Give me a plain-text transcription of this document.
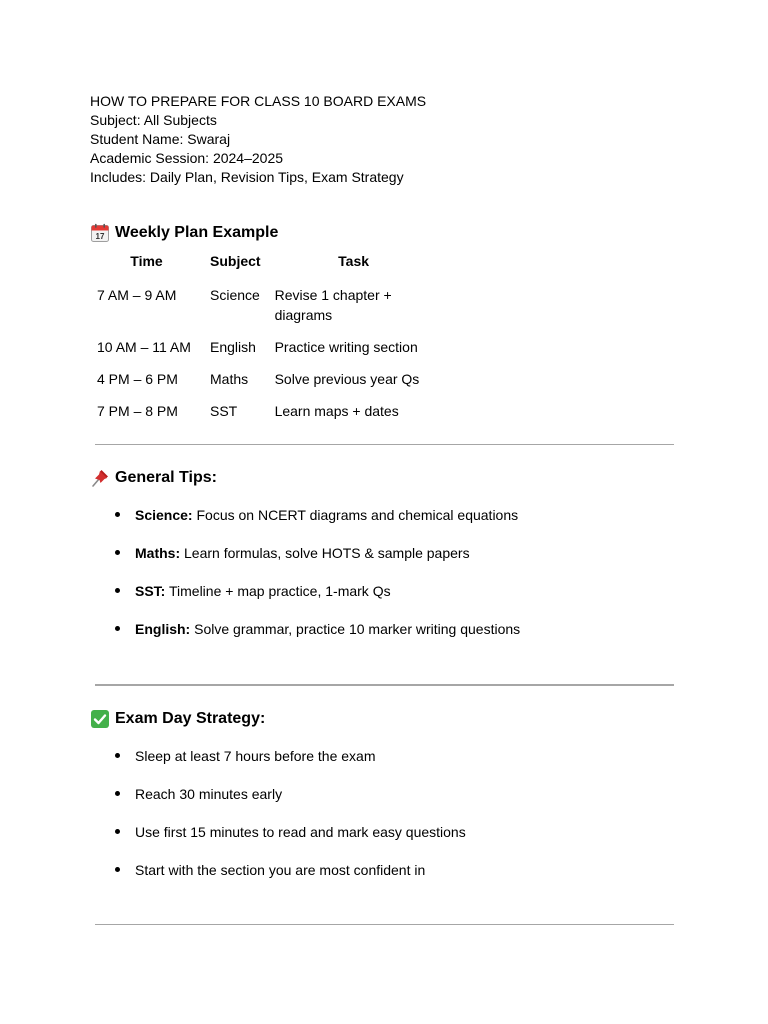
HOW TO PREPARE FOR CLASS 10 BOARD EXAMS
Subject: All Subjects
Student Name: Swaraj
Academic Session: 2024–2025
Includes: Daily Plan, Revision Tips, Exam Strategy
17 Weekly Plan Example
Time	Subject	Task
7 AM – 9 AM	Science	Revise 1 chapter + diagrams
10 AM – 11 AM	English	Practice writing section
4 PM – 6 PM	Maths	Solve previous year Qs
7 PM – 8 PM	SST	Learn maps + dates
General Tips:
Science: Focus on NCERT diagrams and chemical equations
Maths: Learn formulas, solve HOTS & sample papers
SST: Timeline + map practice, 1-mark Qs
English: Solve grammar, practice 10 marker writing questions
Exam Day Strategy:
Sleep at least 7 hours before the exam
Reach 30 minutes early
Use first 15 minutes to read and mark easy questions
Start with the section you are most confident in
